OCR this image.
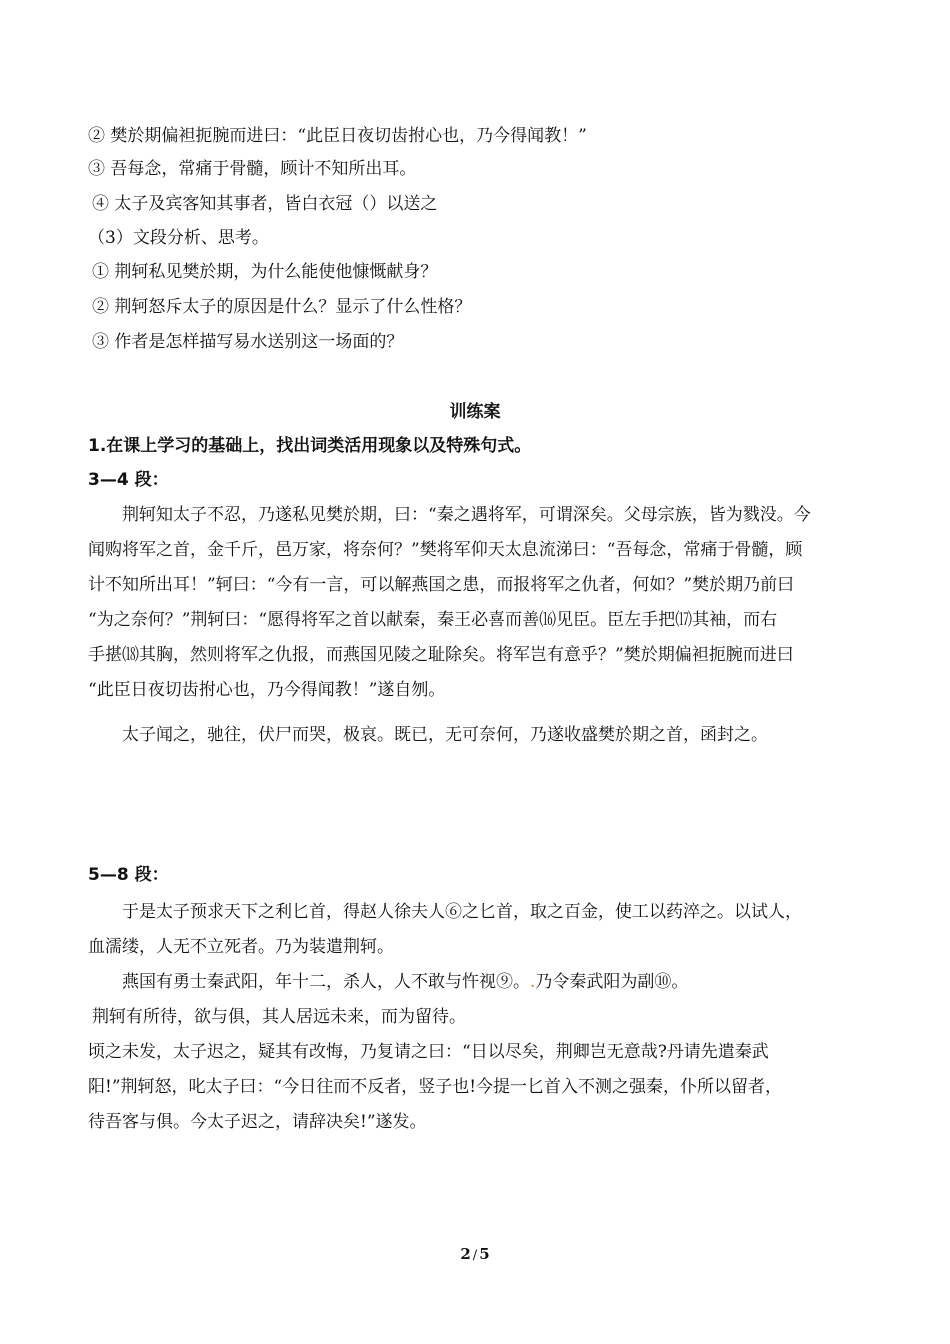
② 樊於期偏袒扼腕而进曰：“此臣日夜切齿拊心也，乃今得闻教！”
③ 吾每念，常痛于骨髓，顾计不知所出耳。
④ 太子及宾客知其事者，皆白衣冠（）以送之
（3）文段分析、思考。
① 荆轲私见樊於期，为什么能使他慷慨献身？
② 荆轲怒斥太子的原因是什么？显示了什么性格？
③ 作者是怎样描写易水送别这一场面的？
训练案
1.在课上学习的基础上，找出词类活用现象以及特殊句式。
3—4 段：
荆轲知太子不忍，乃遂私见樊於期，曰：“秦之遇将军，可谓深矣。父母宗族，皆为戮没。今
闻购将军之首，金千斤，邑万家，将奈何？”樊将军仰天太息流涕曰：“吾每念，常痛于骨髓，顾
计不知所出耳！”轲曰：“今有一言，可以解燕国之患，而报将军之仇者，何如？”樊於期乃前曰
“为之奈何？”荆轲曰：“愿得将军之首以献秦，秦王必喜而善⒃见臣。臣左手把⒄其袖，而右
手揕⒅其胸，然则将军之仇报，而燕国见陵之耻除矣。将军岂有意乎？”樊於期偏袒扼腕而进曰
“此臣日夜切齿拊心也，乃今得闻教！”遂自刎。
太子闻之，驰往，伏尸而哭，极哀。既已，无可奈何，乃遂收盛樊於期之首，函封之。
5—8 段：
于是太子预求天下之利匕首，得赵人徐夫人⑥之匕首，取之百金，使工以药淬之。以试人，
血濡缕，人无不立死者。乃为装遣荆轲。
燕国有勇士秦武阳，年十二，杀人，人不敢与忤视⑨。.乃令秦武阳为副⑩。
荆轲有所待，欲与俱，其人居远未来，而为留待。
顷之未发，太子迟之，疑其有改悔，乃复请之曰：“日以尽矣，荆卿岂无意哉?丹请先遣秦武
阳!”荆轲怒，叱太子曰：“今日往而不反者，竖子也!今提一匕首入不测之强秦，仆所以留者，
待吾客与俱。今太子迟之，请辞决矣!”遂发。
2 / 5
